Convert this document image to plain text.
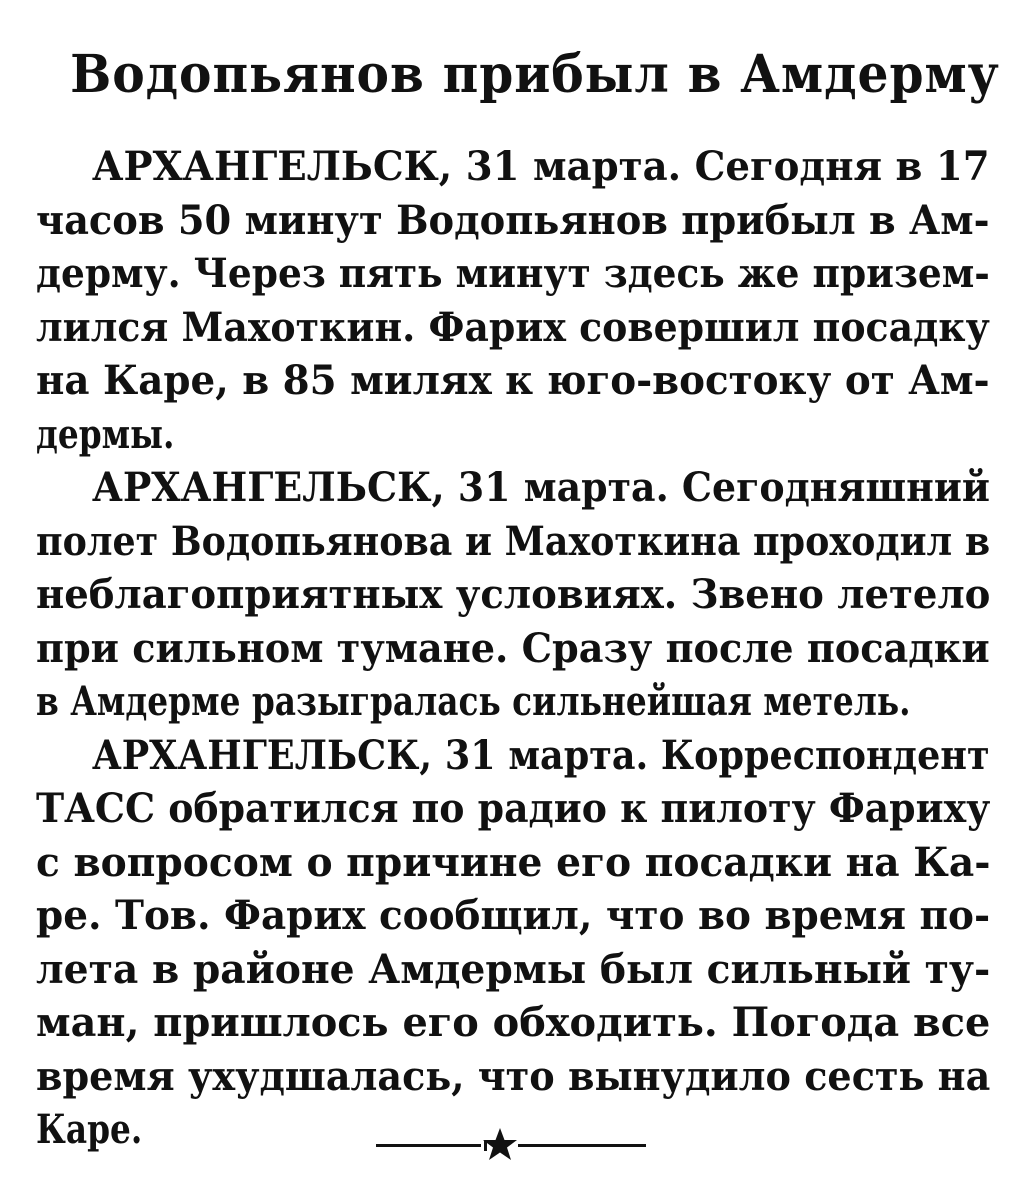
Водопьянов прибыл в Амдерму
АРХАНГЕЛЬСК, 31 марта. Сегодня в 17
часов 50 минут Водопьянов прибыл в Ам-
дерму. Через пять минут здесь же призем-
лился Махоткин. Фарих совершил посадку
на Каре, в 85 милях к юго-востоку от Ам-
дермы.
АРХАНГЕЛЬСК, 31 марта. Сегодняшний
полет Водопьянова и Махоткина проходил в
неблагоприятных условиях. Звено летело
при сильном тумане. Сразу после посадки
в Амдерме разыгралась сильнейшая метель.
АРХАНГЕЛЬСК, 31 марта. Корреспондент
ТАСС обратился по радио к пилоту Фариху
с вопросом о причине его посадки на Ка-
ре. Тов. Фарих сообщил, что во время по-
лета в районе Амдермы был сильный ту-
ман, пришлось его обходить. Погода все
время ухудшалась, что вынудило сесть на
Каре.
